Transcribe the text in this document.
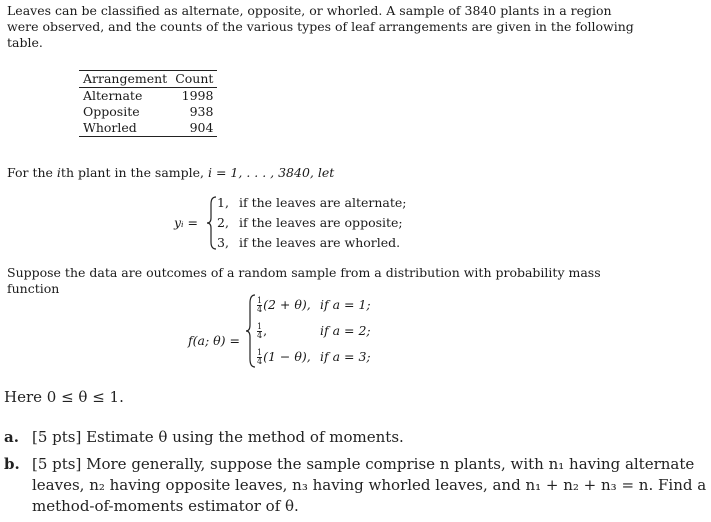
Leaves can be classified as alternate, opposite, or whorled. A sample of 3840 plants in a region
were observed, and the counts of the various types of leaf arrangements are given in the following
table.
Arrangement	Count
Alternate	1998
Opposite	938
Whorled	904
For the ith plant in the sample, i = 1, . . . , 3840, let
yᵢ =
1, if the leaves are alternate;
2, if the leaves are opposite;
3, if the leaves are whorled.
Suppose the data are outcomes of a random sample from a distribution with probability mass
function
f(a; θ) =
$\frac{1}{4} (2 + \theta)$, if a = 1;
$\frac{1}{4}$ ,	if a = 2;
$\frac{1}{4} (1 - \theta)$, if a = 3;
Here 0 ≤ θ ≤ 1.
a. [5 pts] Estimate θ using the method of moments.
b. [5 pts] More generally, suppose the sample comprise n plants, with n₁ having alternate
leaves, n₂ having opposite leaves, n₃ having whorled leaves, and n₁ + n₂ + n₃ = n. Find a
method-of-moments estimator of θ.
